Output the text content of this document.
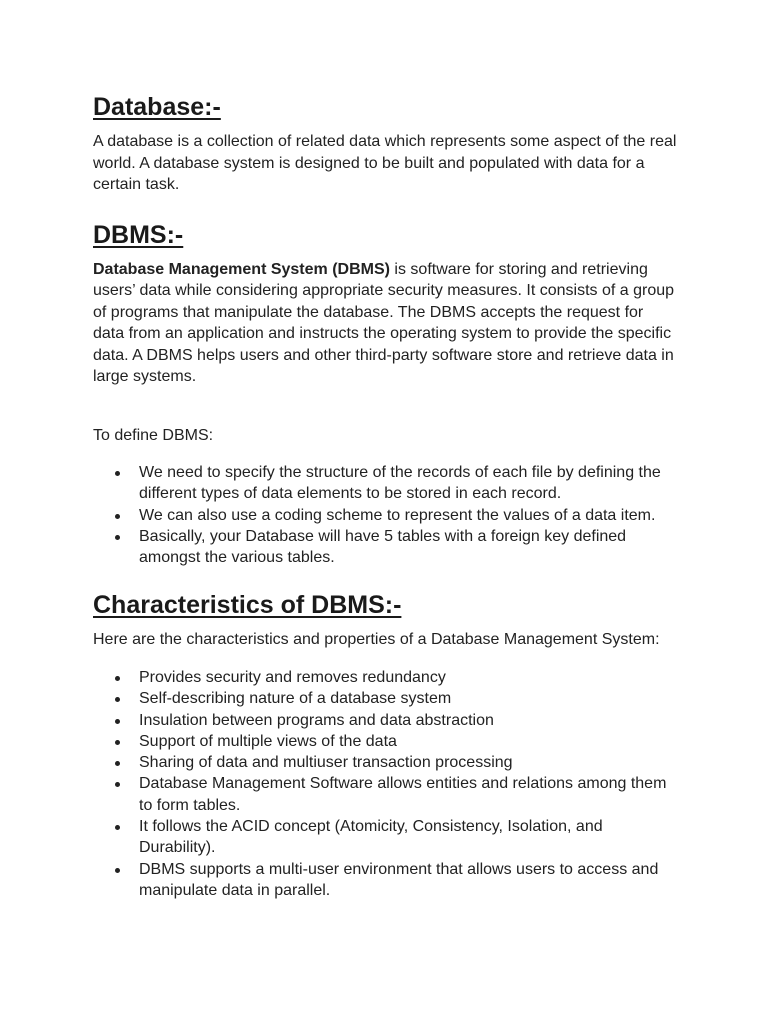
Database:-

A database is a collection of related data which represents some aspect of the real world. A database system is designed to be built and populated with data for a certain task.

DBMS:-

Database Management System (DBMS) is software for storing and retrieving users’ data while considering appropriate security measures. It consists of a group of programs that manipulate the database. The DBMS accepts the request for data from an application and instructs the operating system to provide the specific data. A DBMS helps users and other third-party software store and retrieve data in large systems.

To define DBMS:

We need to specify the structure of the records of each file by defining the different types of data elements to be stored in each record.
We can also use a coding scheme to represent the values of a data item.
Basically, your Database will have 5 tables with a foreign key defined amongst the various tables.
Characteristics of DBMS:-

Here are the characteristics and properties of a Database Management System:

Provides security and removes redundancy
Self-describing nature of a database system
Insulation between programs and data abstraction
Support of multiple views of the data
Sharing of data and multiuser transaction processing
Database Management Software allows entities and relations among them to form tables.
It follows the ACID concept (Atomicity, Consistency, Isolation, and Durability).
DBMS supports a multi-user environment that allows users to access and manipulate data in parallel.
